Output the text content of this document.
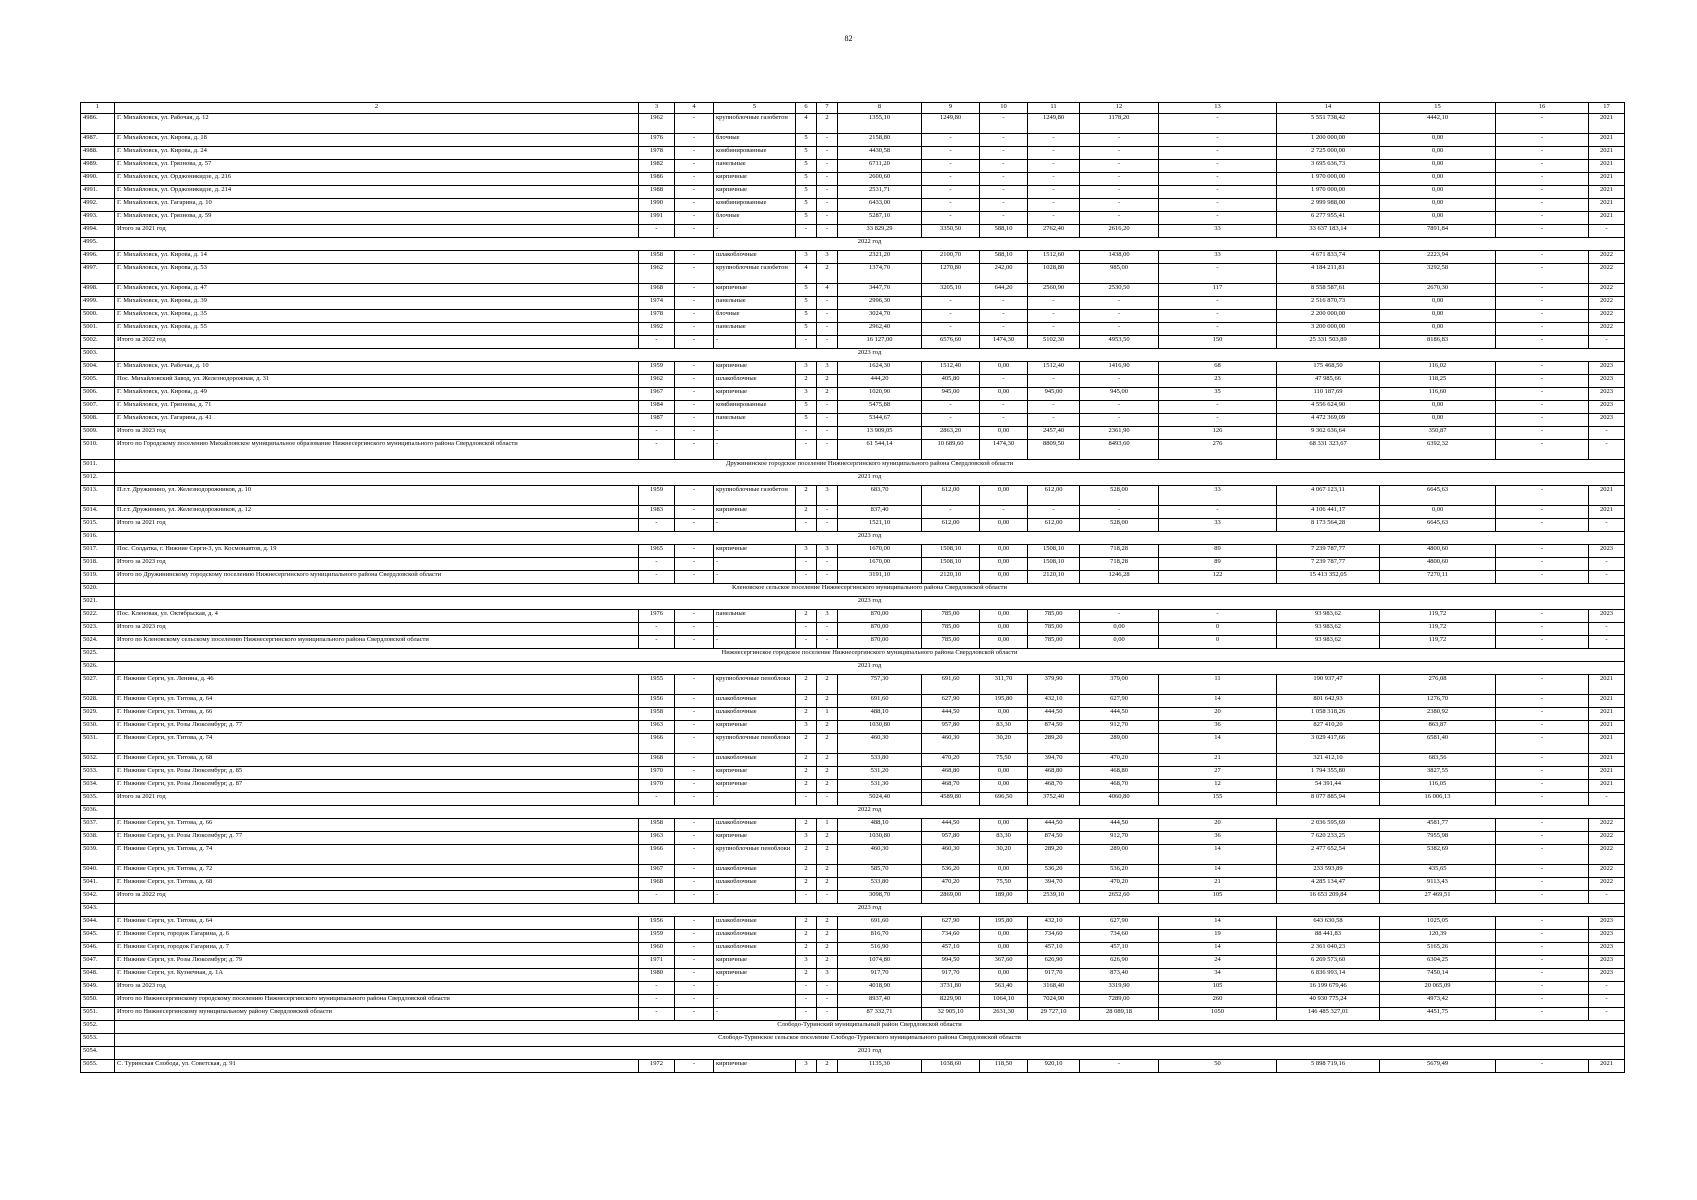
82
1	2	3	4	5	6	7	8	9	10	11	12	13	14	15	16	17
4986.	Г. Михайловск, ул. Рабочая, д. 12	1962	-	крупноблочные газобетон	4	2	1355,10	1249,80	-	1249,80	1178,20	-	5 551 738,42	4442,10	-	2021
4987.	Г. Михайловск, ул. Кирова, д. 18	1976	-	блочные	5	-	2158,80	-	-	-	-	-	1 200 000,00	0,00	-	2021
4988.	Г. Михайловск, ул. Кирова, д. 24	1978	-	комбинированные	5	-	4430,58	-	-	-	-	-	2 725 000,00	0,00	-	2021
4989.	Г. Михайловск, ул. Грязнова, д. 57	1982	-	панельные	5	-	6711,20	-	-	-	-	-	3 695 636,73	0,00	-	2021
4990.	Г. Михайловск, ул. Орджоникидзе, д. 216	1986	-	кирпичные	5	-	2600,60	-	-	-	-	-	1 970 000,00	0,00	-	2021
4991.	Г. Михайловск, ул. Орджоникидзе, д. 214	1988	-	кирпичные	5	-	2531,71	-	-	-	-	-	1 970 000,00	0,00	-	2021
4992.	Г. Михайловск, ул. Гагарина, д. 10	1990	-	комбинированные	5	-	6433,00	-	-	-	-	-	2 999 988,00	0,00	-	2021
4993.	Г. Михайловск, ул. Грязнова, д. 59	1991	-	блочные	5	-	5287,10	-	-	-	-	-	6 277 955,41	0,00	-	2021
4994.	Итого за 2021 год	-	-	-	-	-	33 829,29	3350,50	588,10	2762,40	2616,20	33	33 637 183,14	7891,84	-	-
4995.	2022 год															
4996.	Г. Михайловск, ул. Кирова, д. 14	1958	-	шлакоблочные	3	3	2321,20	2100,70	588,10	1512,60	1438,00	33	4 671 833,74	2223,94	-	2022
4997.	Г. Михайловск, ул. Кирова, д. 53	1962	-	крупноблочные газобетон	4	2	1374,70	1270,80	242,00	1028,80	985,00	-	4 184 211,81	3292,58	-	2022
4998.	Г. Михайловск, ул. Кирова, д. 47	1968	-	кирпичные	5	4	3447,70	3205,10	644,20	2560,90	2530,50	117	8 558 587,61	2670,30	-	2022
4999.	Г. Михайловск, ул. Кирова, д. 39	1974	-	панельные	5	-	2996,30	-	-	-	-	-	2 516 870,73	0,00	-	2022
5000.	Г. Михайловск, ул. Кирова, д. 35	1978	-	блочные	5	-	3024,70	-	-	-	-	-	2 200 000,00	0,00	-	2022
5001.	Г. Михайловск, ул. Кирова, д. 55	1992	-	панельные	5	-	2962,40	-	-	-	-	-	3 200 000,00	0,00	-	2022
5002.	Итого за 2022 год	-	-	-	-	-	16 127,00	6576,60	1474,30	5102,30	4953,50	150	25 331 503,89	8186,83	-	-
5003.	2023 год															
5004.	Г. Михайловск, ул. Рабочая, д. 10	1959	-	кирпичные	3	3	1624,30	1512,40	0,00	1512,40	1416,90	68	175 468,50	116,02	-	2023
5005.	Пос. Михайловский Завод, ул. Железнодорожная, д. 31	1962	-	шлакоблочные	2	2	444,20	405,80	-	-	-	23	47 985,66	118,25	-	2023
5006.	Г. Михайловск, ул. Кирова, д. 49	1967	-	кирпичные	3	2	1020,90	945,00	0,00	945,00	945,00	35	110 187,69	116,60	-	2023
5007.	Г. Михайловск, ул. Грязнова, д. 71	1984	-	комбинированные	5	-	5475,88	-	-	-	-	-	4 556 624,90	0,00	-	2023
5008.	Г. Михайловск, ул. Гагарина, д. 41	1987	-	панельные	5	-	5344,67	-	-	-	-	-	4 472 369,09	0,00	-	2023
5009.	Итого за 2023 год	-	-	-	-	-	13 909,05	2863,20	0,00	2457,40	2361,90	126	9 362 636,64	350,87	-	-
5010.	Итого по Городскому поселению Михайловское муниципальное образование Нижнесергинского муниципального района Свердловской области	-	-	-	-	-	61 544,14	10 689,60	1474,30	8809,50	8493,60	276	68 331 323,67	6392,32	-	-
5011.	Дружининское городское поселение Нижнесергинского муниципального района Свердловской области															
5012.	2021 год															
5013.	П.г.т. Дружинино, ул. Железнодорожников, д. 10	1959	-	крупноблочные газобетон	2	3	683,70	612,00	0,00	612,00	528,00	33	4 067 123,11	6645,63	-	2021
5014.	П.г.т. Дружинино, ул. Железнодорожников, д. 12	1983	-	кирпичные	2	-	837,40	-	-	-	-	-	4 106 441,17	0,00	-	2021
5015.	Итого за 2021 год	-	-	-	-	-	1521,10	612,00	0,00	612,00	528,00	33	8 173 564,28	6645,63	-	-
5016.	2023 год															
5017.	Пос. Солдатка, г. Нижние Серги-3, ул. Космонавтов, д. 19	1965	-	кирпичные	3	3	1670,00	1508,10	0,00	1508,10	718,28	89	7 239 787,77	4800,60	-	2023
5018.	Итого за 2023 год	-	-	-	-	-	1670,00	1508,10	0,00	1508,10	718,28	89	7 239 787,77	4800,60	-	-
5019.	Итого по Дружининскому городскому поселению Нижнесергинского муниципального района Свердловской области	-	-	-	-	-	3191,10	2120,10	0,00	2120,10	1246,28	122	15 413 352,05	7270,11	-	-
5020.	Кленовское сельское поселение Нижнесергинского муниципального района Свердловской области															
5021.	2023 год															
5022.	Пос. Кленовая, ул. Октябрьская, д. 4	1976	-	панельные	2	3	870,00	785,00	0,00	785,00	-	-	93 983,62	119,72	-	2023
5023.	Итого за 2023 год	-	-	-	-	-	870,00	785,00	0,00	785,00	0,00	0	93 983,62	119,72	-	-
5024.	Итого по Кленовскому сельскому поселению Нижнесергинского муниципального района Свердловской области	-	-	-	-	-	870,00	785,00	0,00	785,00	0,00	0	93 983,62	119,72	-	-
5025.	Нижнесергинское городское поселение Нижнесергинского муниципального района Свердловской области															
5026.	2021 год															
5027.	Г. Нижние Серги, ул. Ленина, д. 46	1955	-	крупноблочные пеноблоки	2	2	757,30	691,60	311,70	379,90	379,00	11	190 937,47	276,08	-	2021
5028.	Г. Нижние Серги, ул. Титова, д. 64	1956	-	шлакоблочные	2	2	691,60	627,90	195,80	432,10	627,90	14	801 642,93	1276,70	-	2021
5029.	Г. Нижние Серги, ул. Титова, д. 66	1958	-	шлакоблочные	2	1	488,10	444,50	0,00	444,50	444,50	20	1 058 318,26	2380,92	-	2021
5030.	Г. Нижние Серги, ул. Розы Люксембург, д. 77	1963	-	кирпичные	3	2	1030,80	957,80	83,30	874,50	912,70	36	827 410,20	863,87	-	2021
5031.	Г. Нижние Серги, ул. Титова, д. 74	1966	-	крупноблочные пеноблоки	2	2	460,30	460,30	30,20	289,20	289,00	14	3 029 417,66	6581,40	-	2021
5032.	Г. Нижние Серги, ул. Титова, д. 68	1968	-	шлакоблочные	2	2	533,80	470,20	75,50	394,70	470,20	21	321 412,10	683,56	-	2021
5033.	Г. Нижние Серги, ул. Розы Люксембург, д. 85	1970	-	кирпичные	2	2	531,20	468,80	0,00	468,80	468,80	27	1 794 355,80	3827,55	-	2021
5034.	Г. Нижние Серги, ул. Розы Люксембург, д. 87	1970	-	кирпичные	2	2	531,30	468,70	0,00	468,70	468,70	12	54 391,44	116,05	-	2021
5035.	Итого за 2021 год	-	-	-	-	-	5024,40	4589,80	696,50	3752,40	4060,80	155	8 077 885,94	16 006,13	-	-
5036.	2022 год															
5037.	Г. Нижние Серги, ул. Титова, д. 66	1958	-	шлакоблочные	2	1	488,10	444,50	0,00	444,50	444,50	20	2 036 595,69	4581,77	-	2022
5038.	Г. Нижние Серги, ул. Розы Люксембург, д. 77	1963	-	кирпичные	3	2	1030,80	957,80	83,30	874,50	912,70	36	7 620 233,25	7955,98	-	2022
5039.	Г. Нижние Серги, ул. Титова, д. 74	1966	-	крупноблочные пеноблоки	2	2	460,30	460,30	30,20	289,20	289,00	14	2 477 652,54	5382,69	-	2022
5040.	Г. Нижние Серги, ул. Титова, д. 72	1967	-	шлакоблочные	2	2	585,70	536,20	0,00	536,20	536,20	14	233 593,89	435,65	-	2022
5041.	Г. Нижние Серги, ул. Титова, д. 68	1968	-	шлакоблочные	2	2	533,80	470,20	75,50	394,70	470,20	21	4 285 134,47	9113,43	-	2022
5042.	Итого за 2022 год	-	-	-	-	-	3098,70	2869,00	189,00	2539,10	2652,60	105	16 653 209,84	27 469,51	-	-
5043.	2023 год															
5044.	Г. Нижние Серги, ул. Титова, д. 64	1956	-	шлакоблочные	2	2	691,60	627,90	195,80	432,10	627,90	14	643 630,58	1025,05	-	2023
5045.	Г. Нижние Серги, городок Гагарина, д. 6	1959	-	шлакоблочные	2	2	816,70	734,60	0,00	734,60	734,60	19	88 441,83	120,39	-	2023
5046.	Г. Нижние Серги, городок Гагарина, д. 7	1960	-	шлакоблочные	2	2	516,90	457,10	0,00	457,10	457,10	14	2 361 040,23	5165,26	-	2023
5047.	Г. Нижние Серги, ул. Розы Люксембург, д. 79	1971	-	кирпичные	3	2	1074,80	994,50	367,60	626,90	626,90	24	6 269 573,60	6304,25	-	2023
5048.	Г. Нижние Серги, ул. Кузнечная, д. 1А	1980	-	кирпичные	2	3	917,70	917,70	0,00	917,70	873,40	34	6 836 993,14	7450,14	-	2023
5049.	Итого за 2023 год	-	-	-	-	-	4018,90	3731,80	563,40	3168,40	3319,90	105	16 199 679,46	20 065,09	-	-
5050.	Итого по Нижнесергинскому городскому поселению Нижнесергинского муниципального района Свердловской области	-	-	-	-	-	8937,40	8229,90	1064,10	7024,90	7289,00	260	40 930 775,24	4973,42	-	-
5051.	Итого по Нижнесергинскому муниципальному району Свердловской области	-	-	-	-	-	87 332,71	32 905,10	2631,30	29 727,10	28 089,18	1050	146 485 327,01	4451,75	-	-
5052.	Слободо-Туринский муниципальный район Свердловской области															
5053.	Слободо-Туринское сельское поселение Слободо-Туринского муниципального района Свердловской области															
5054.	2021 год															
5055.	С. Туринская Слобода, ул. Советская, д. 91	1972	-	кирпичные	3	2	1135,30	1038,60	118,50	920,10	-	50	5 898 719,16	5679,49	-	2021
